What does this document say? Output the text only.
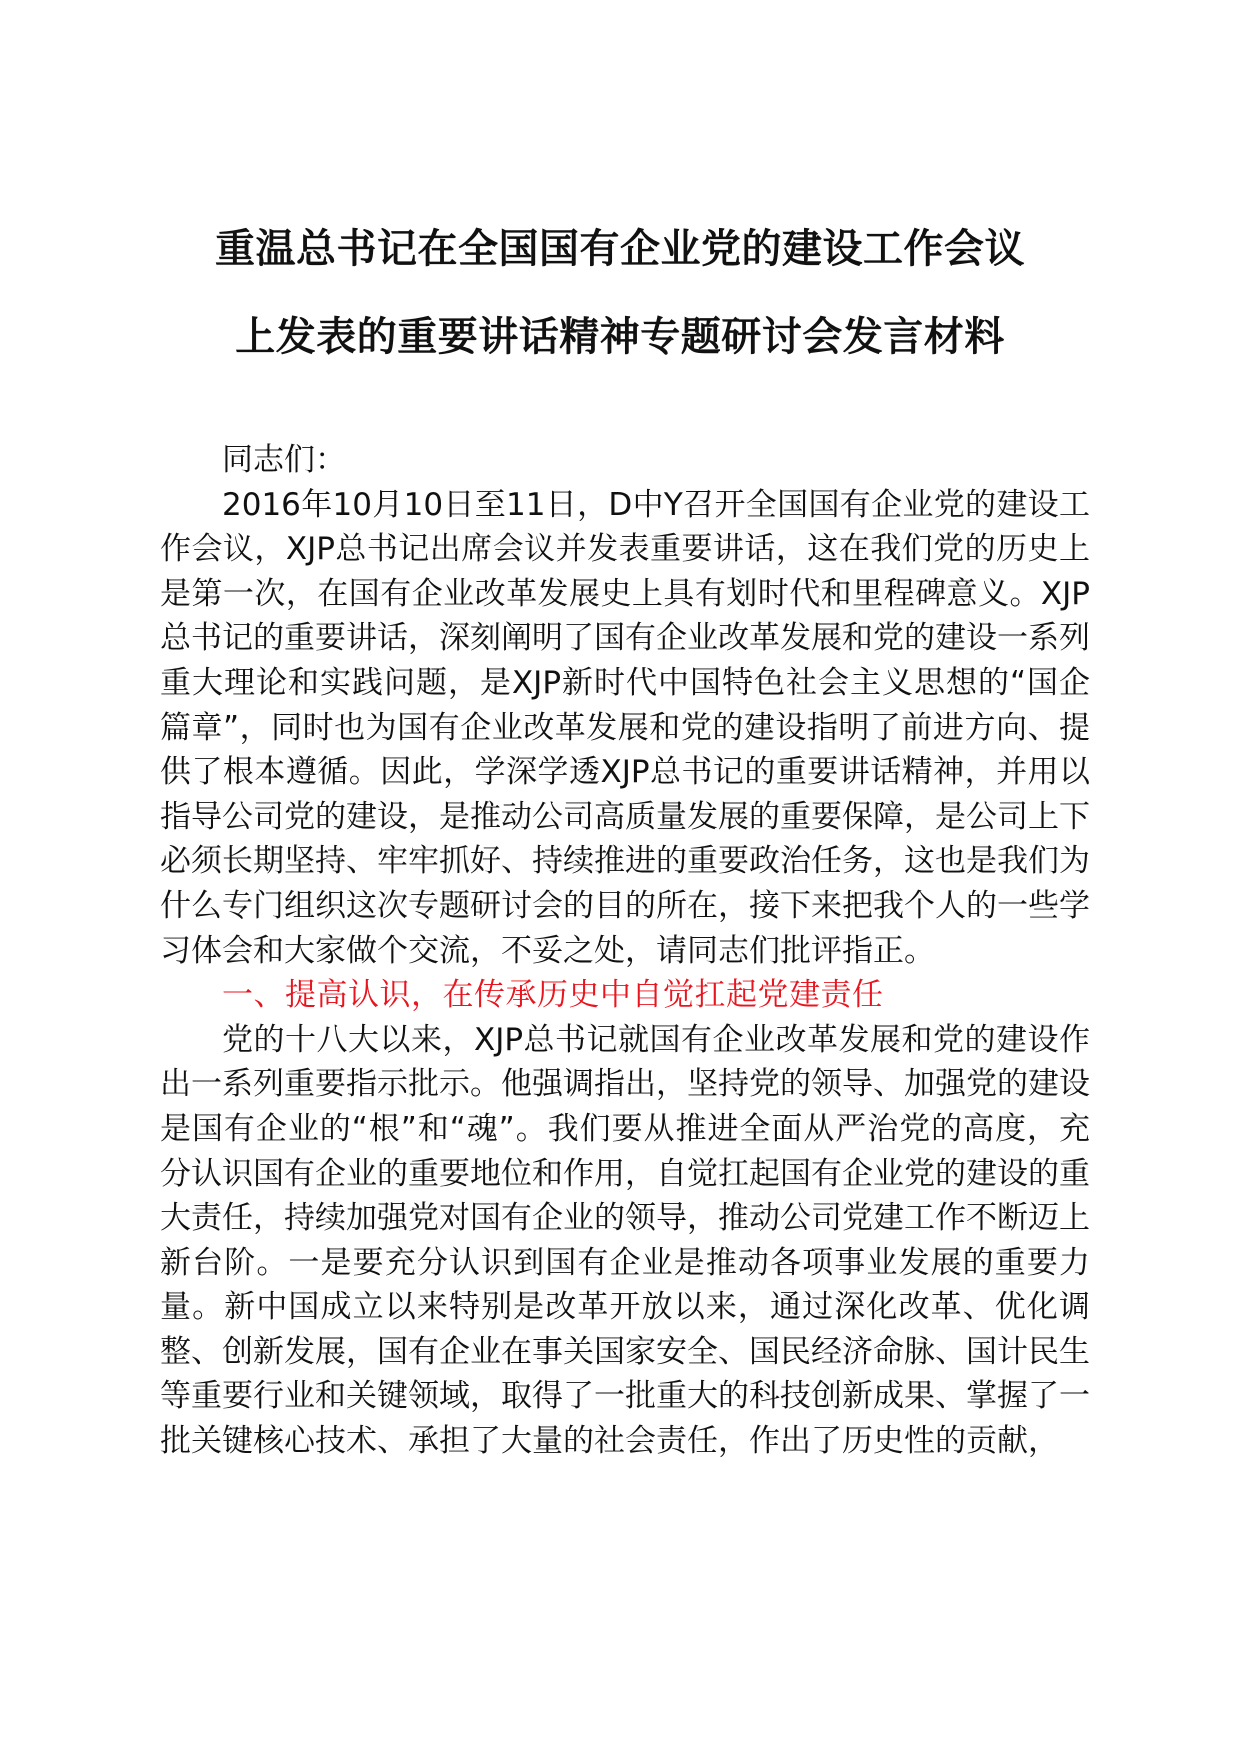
重温总书记在全国国有企业党的建设工作会议
上发表的重要讲话精神专题研讨会发言材料

同志们：

2016年10月10日至11日，D中Y召开全国国有企业党的建设工作会议，XJP总书记出席会议并发表重要讲话，这在我们党的历史上是第一次，在国有企业改革发展史上具有划时代和里程碑意义。XJP总书记的重要讲话，深刻阐明了国有企业改革发展和党的建设一系列重大理论和实践问题，是XJP新时代中国特色社会主义思想的“国企篇章”，同时也为国有企业改革发展和党的建设指明了前进方向、提供了根本遵循。因此，学深学透XJP总书记的重要讲话精神，并用以指导公司党的建设，是推动公司高质量发展的重要保障，是公司上下必须长期坚持、牢牢抓好、持续推进的重要政治任务，这也是我们为什么专门组织这次专题研讨会的目的所在，接下来把我个人的一些学习体会和大家做个交流，不妥之处，请同志们批评指正。

一、提高认识，在传承历史中自觉扛起党建责任

党的十八大以来，XJP总书记就国有企业改革发展和党的建设作出一系列重要指示批示。他强调指出，坚持党的领导、加强党的建设是国有企业的“根”和“魂”。我们要从推进全面从严治党的高度，充分认识国有企业的重要地位和作用，自觉扛起国有企业党的建设的重大责任，持续加强党对国有企业的领导，推动公司党建工作不断迈上新台阶。一是要充分认识到国有企业是推动各项事业发展的重要力量。新中国成立以来特别是改革开放以来，通过深化改革、优化调整、创新发展，国有企业在事关国家安全、国民经济命脉、国计民生等重要行业和关键领域，取得了一批重大的科技创新成果、掌握了一批关键核心技术、承担了大量的社会责任，作出了历史性的贡献，
